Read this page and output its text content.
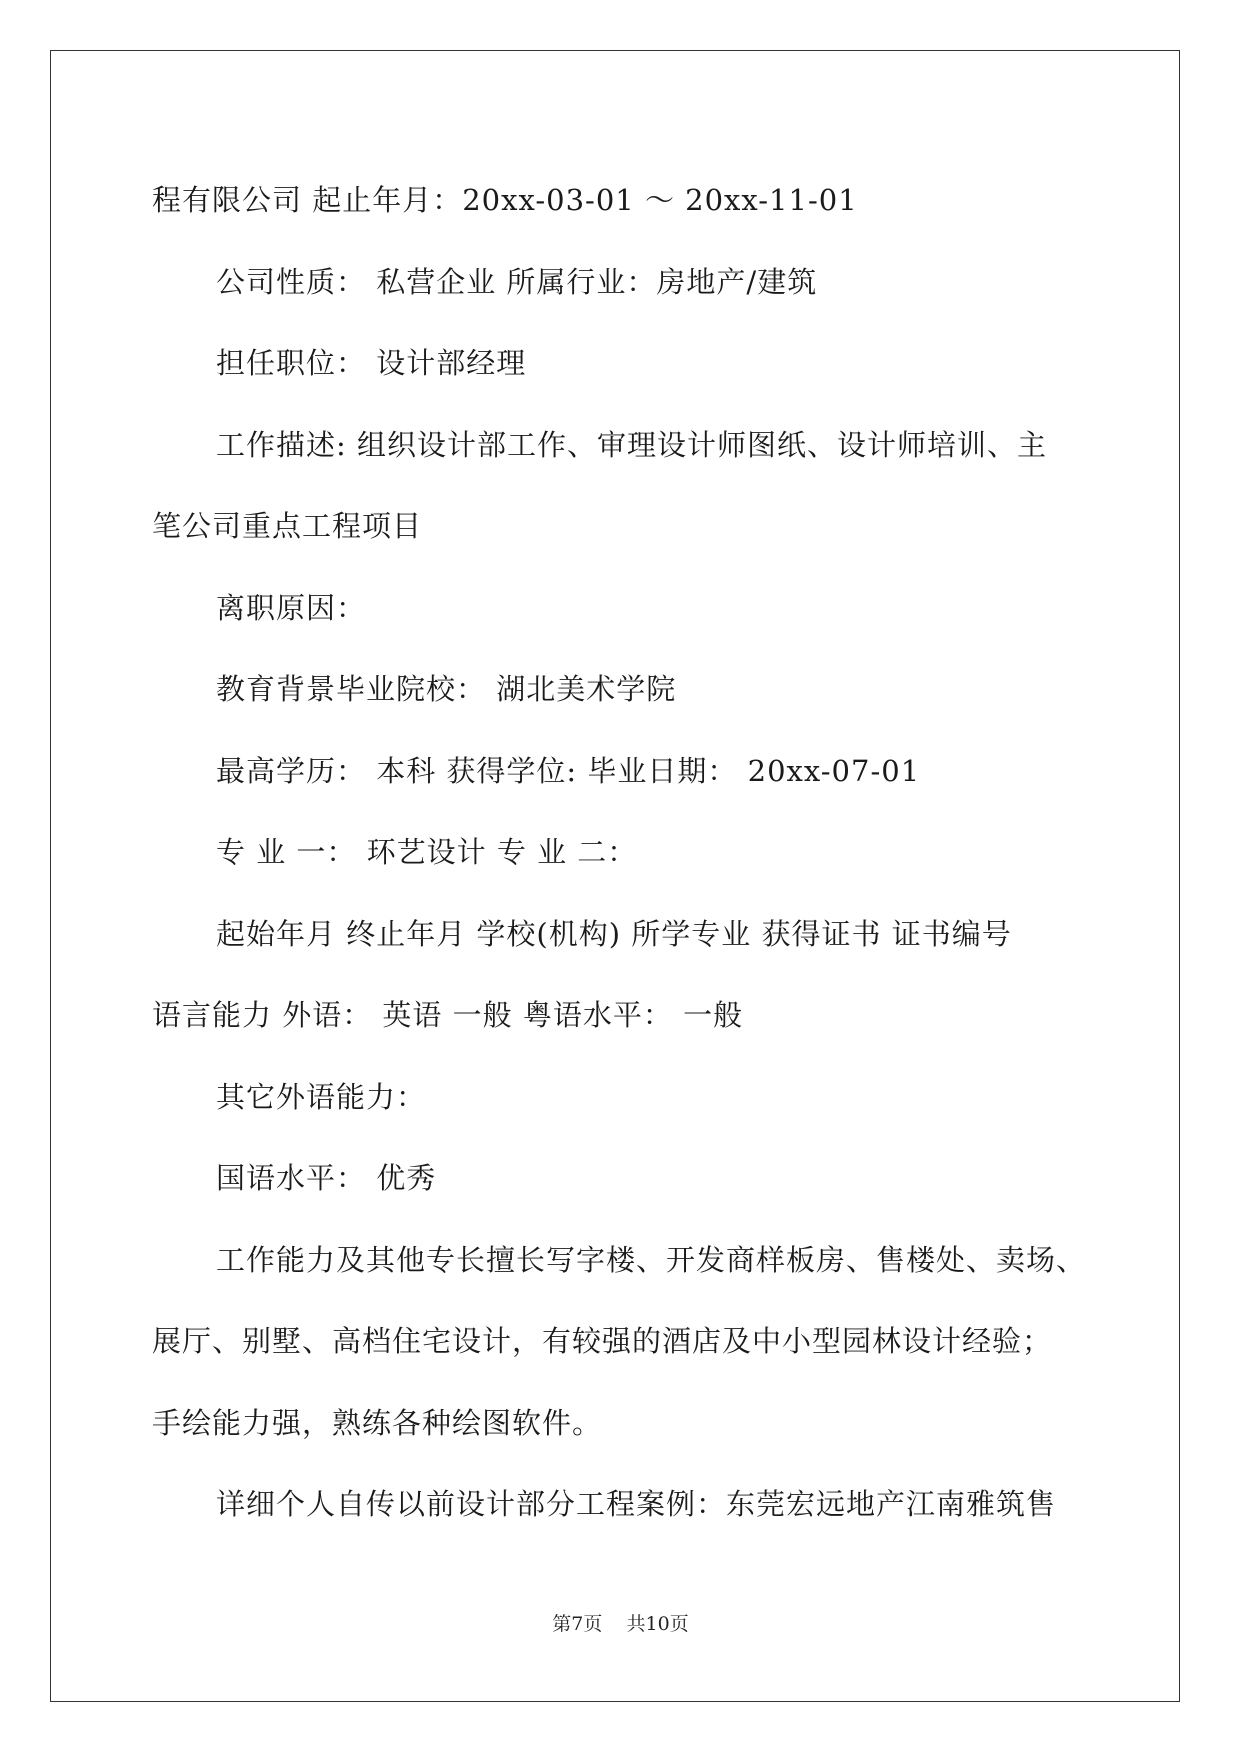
程有限公司 起止年月：20xx-03-01 ～ 20xx-11-01
公司性质： 私营企业 所属行业：房地产/建筑
担任职位： 设计部经理
工作描述: 组织设计部工作、审理设计师图纸、设计师培训、主
笔公司重点工程项目
离职原因：
教育背景毕业院校： 湖北美术学院
最高学历： 本科 获得学位: 毕业日期： 20xx-07-01
专 业 一： 环艺设计 专 业 二：
起始年月 终止年月 学校(机构) 所学专业 获得证书 证书编号
语言能力 外语： 英语 一般 粤语水平： 一般
其它外语能力：
国语水平： 优秀
工作能力及其他专长擅长写字楼、开发商样板房、售楼处、卖场、
展厅、别墅、高档住宅设计，有较强的酒店及中小型园林设计经验；
手绘能力强，熟练各种绘图软件。
详细个人自传以前设计部分工程案例：东莞宏远地产江南雅筑售
第7页 共10页
